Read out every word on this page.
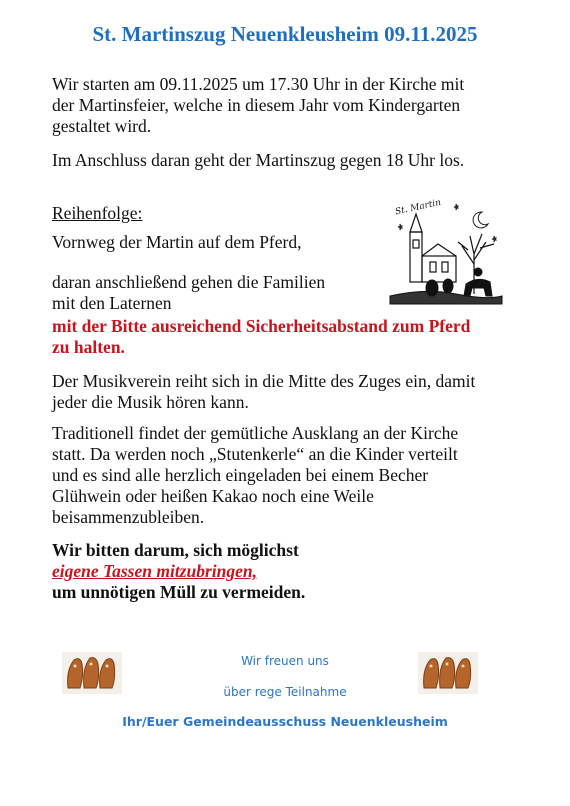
St. Martinszug Neuenkleusheim 09.11.2025
Wir starten am 09.11.2025 um 17.30 Uhr in der Kirche mit
der Martinsfeier, welche in diesem Jahr vom Kindergarten
gestaltet wird.
Im Anschluss daran geht der Martinszug gegen 18 Uhr los.
Reihenfolge:
Vornweg der Martin auf dem Pferd,
daran anschließend gehen die Familien
mit den Laternen
mit der Bitte ausreichend Sicherheitsabstand zum Pferd
zu halten.
Der Musikverein reiht sich in die Mitte des Zuges ein, damit
jeder die Musik hören kann.
Traditionell findet der gemütliche Ausklang an der Kirche
statt. Da werden noch „Stutenkerle“ an die Kinder verteilt
und es sind alle herzlich eingeladen bei einem Becher
Glühwein oder heißen Kakao noch eine Weile
beisammenzubleiben.
Wir bitten darum, sich möglichst
eigene Tassen mitzubringen,
um unnötigen Müll zu vermeiden.
St. Martin
Wir freuen uns
über rege Teilnahme
Ihr/Euer Gemeindeausschuss Neuenkleusheim
